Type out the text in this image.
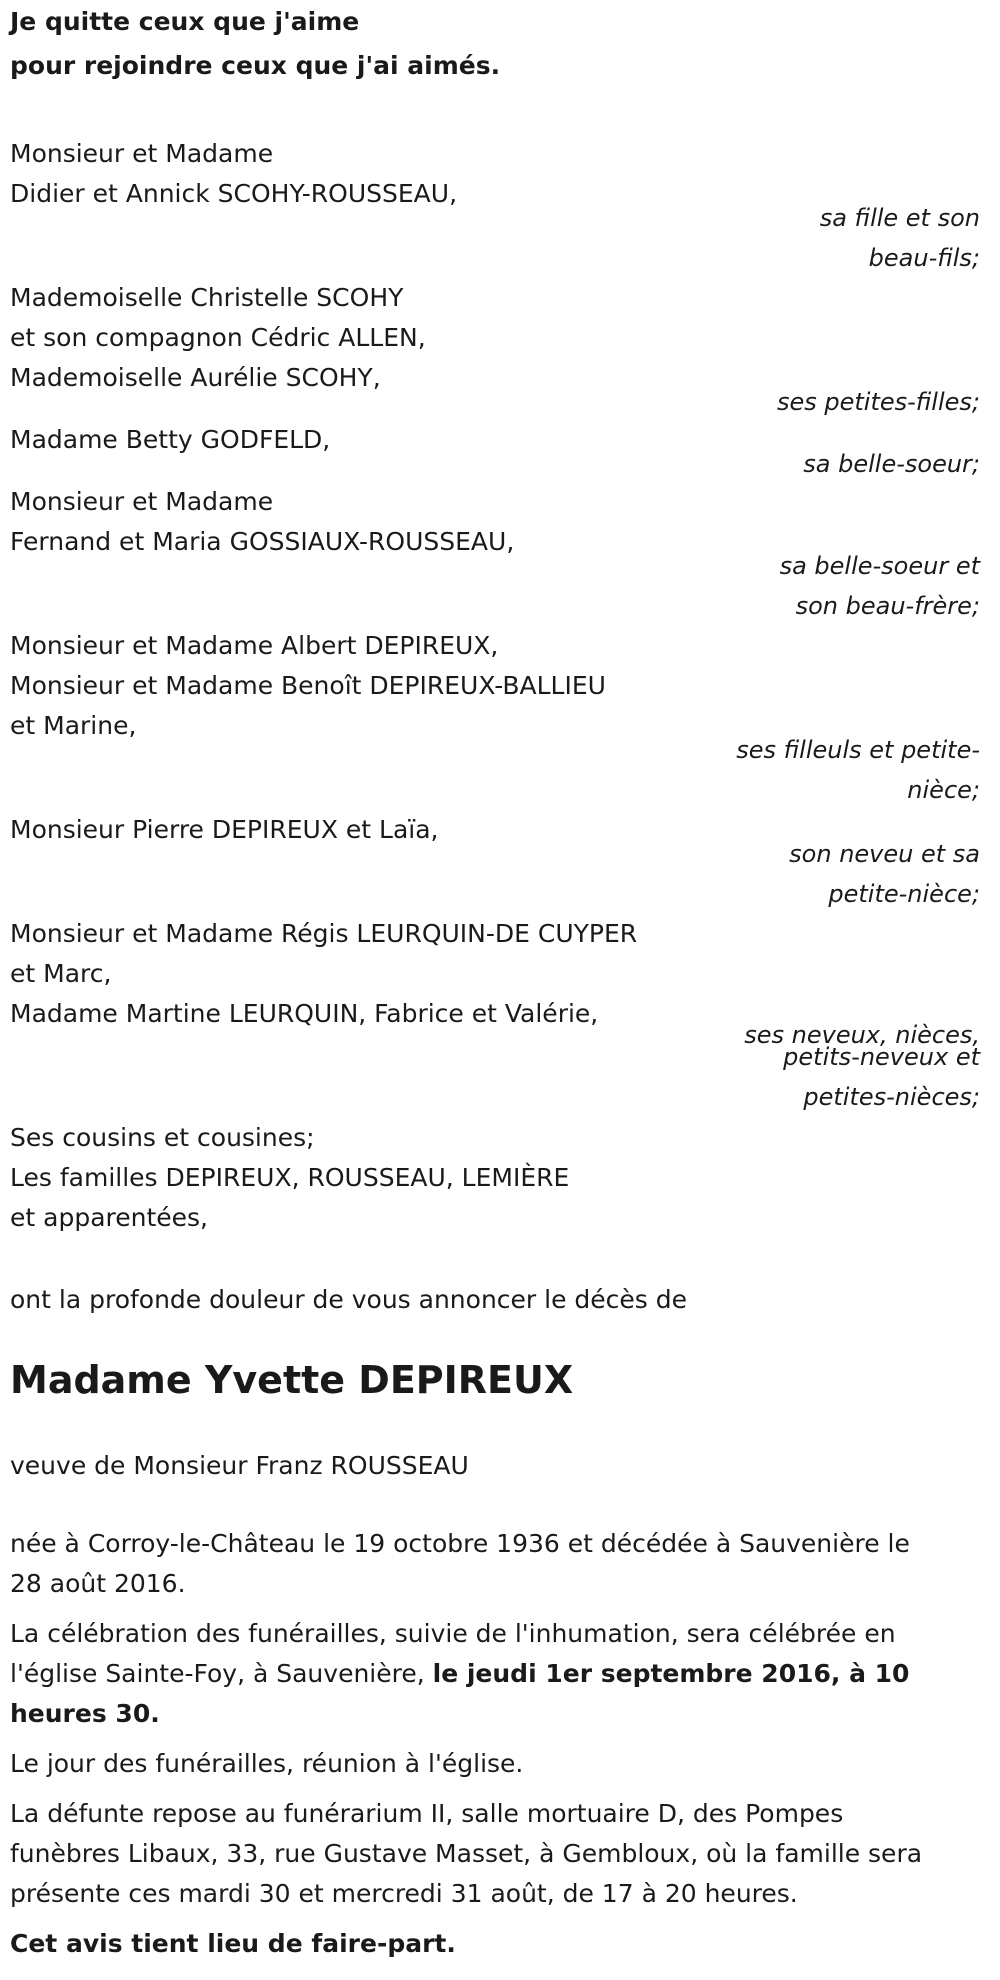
Je quitte ceux que j'aime
pour rejoindre ceux que j'ai aimés.
Monsieur et Madame
Didier et Annick SCOHY-ROUSSEAU,
sa fille et son
beau-fils;
Mademoiselle Christelle SCOHY
et son compagnon Cédric ALLEN,
Mademoiselle Aurélie SCOHY,
ses petites-filles;
Madame Betty GODFELD,
sa belle-soeur;
Monsieur et Madame
Fernand et Maria GOSSIAUX-ROUSSEAU,
sa belle-soeur et
son beau-frère;
Monsieur et Madame Albert DEPIREUX,
Monsieur et Madame Benoît DEPIREUX-BALLIEU
et Marine,
ses filleuls et petite-
nièce;
Monsieur Pierre DEPIREUX et Laïa,
son neveu et sa
petite-nièce;
Monsieur et Madame Régis LEURQUIN-DE CUYPER
et Marc,
Madame Martine LEURQUIN, Fabrice et Valérie,
ses neveux, nièces,
petits-neveux et
petites-nièces;
Ses cousins et cousines;
Les familles DEPIREUX, ROUSSEAU, LEMIÈRE
et apparentées,
ont la profonde douleur de vous annoncer le décès de
Madame Yvette DEPIREUX
veuve de Monsieur Franz ROUSSEAU
née à Corroy-le-Château le 19 octobre 1936 et décédée à Sauvenière le
28 août 2016.
La célébration des funérailles, suivie de l'inhumation, sera célébrée en
l'église Sainte-Foy, à Sauvenière, le jeudi 1er septembre 2016, à 10
heures 30.
Le jour des funérailles, réunion à l'église.
La défunte repose au funérarium II, salle mortuaire D, des Pompes
funèbres Libaux, 33, rue Gustave Masset, à Gembloux, où la famille sera
présente ces mardi 30 et mercredi 31 août, de 17 à 20 heures.
Cet avis tient lieu de faire-part.
